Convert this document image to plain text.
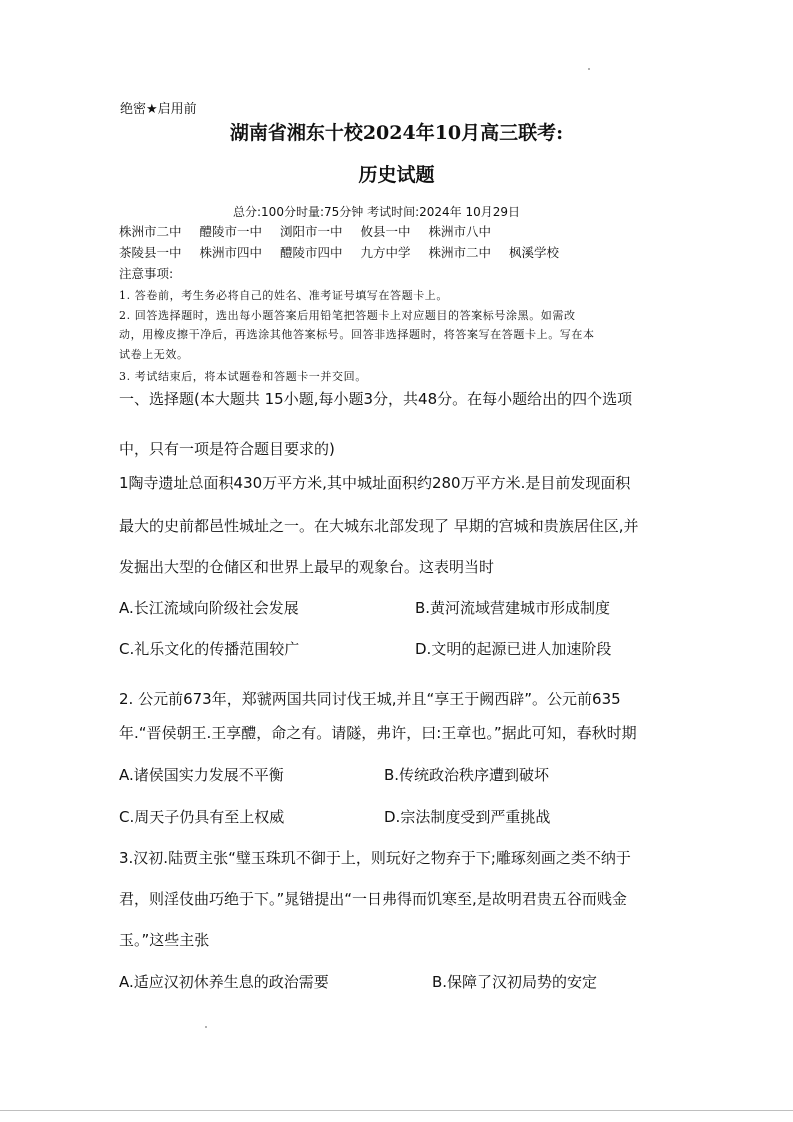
绝密★启用前
湖南省湘东十校2024年10月高三联考:
历史试题
总分:100分时量:75分钟 考试时间:2024年 10月29日
株洲市二中 醴陵市一中 浏阳市一中 攸县一中 株洲市八中
茶陵县一中 株洲市四中 醴陵市四中 九方中学 株洲市二中 枫溪学校
注意事项:
1. 答卷前，考生务必将自己的姓名、准考证号填写在答题卡上。
2. 回答选择题时，选出每小题答案后用铅笔把答题卡上对应题目的答案标号涂黑。如需改
动，用橡皮擦干净后，再选涂其他答案标号。回答非选择题时，将答案写在答题卡上。写在本
试卷上无效。
3. 考试结束后，将本试题卷和答题卡一并交回。
一、选择题(本大题共 15小题,每小题3分，共48分。在每小题给出的四个选项
中，只有一项是符合题目要求的)
1陶寺遗址总面积430万平方米,其中城址面积约280万平方米.是目前发现面积
最大的史前都邑性城址之一。在大城东北部发现了 早期的宫城和贵族居住区,并
发掘出大型的仓储区和世界上最早的观象台。这表明当时
A.长江流域向阶级社会发展	B.黄河流域营建城市形成制度
C.礼乐文化的传播范围较广	D.文明的起源已进人加速阶段
2. 公元前673年，郑虢两国共同讨伐王城,并且“享王于阙西辟”。公元前635
年.“晋侯朝王.王享醴，命之有。请隧，弗许，曰:王章也。”据此可知，春秋时期
A.诸侯国实力发展不平衡	B.传统政治秩序遭到破坏
C.周天子仍具有至上权威	D.宗法制度受到严重挑战
3.汉初.陆贾主张“璧玉珠玑不御于上，则玩好之物弃于下;雕琢刻画之类不纳于
君，则淫伎曲巧绝于下。”晁错提出“一日弗得而饥寒至,是故明君贵五谷而贱金
玉。”这些主张
A.适应汉初休养生息的政治需要	B.保障了汉初局势的安定
